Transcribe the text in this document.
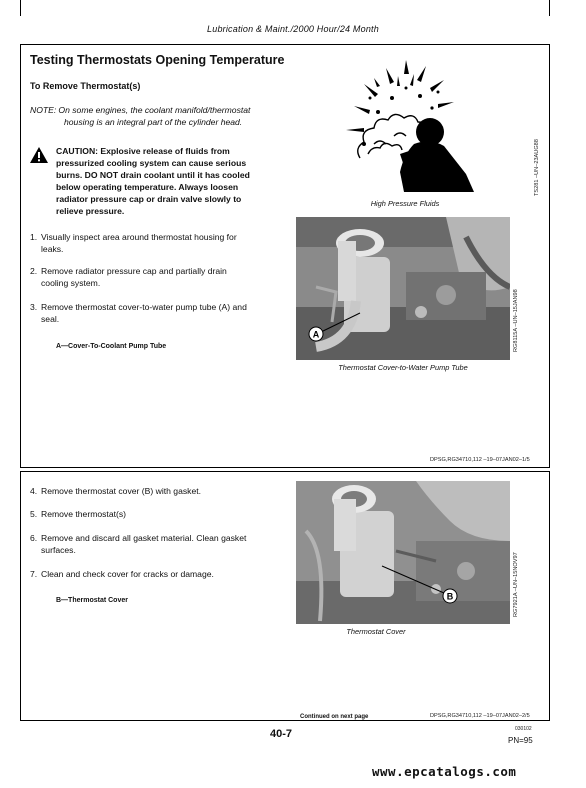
Lubrication & Maint./2000 Hour/24 Month
Testing Thermostats Opening Temperature
To Remove Thermostat(s)
NOTE: On some engines, the coolant manifold/thermostat
housing is an integral part of the cylinder head.
CAUTION: Explosive release of fluids from
pressurized cooling system can cause serious
burns. DO NOT drain coolant until it has cooled
below operating temperature. Always loosen
radiator pressure cap or drain valve slowly to
relieve pressure.
High Pressure Fluids
TS281 –UN–23AUG88
1. Visually inspect area around thermostat housing for
leaks.
2. Remove radiator pressure cap and partially drain
cooling system.
3. Remove thermostat cover-to-water pump tube (A) and
seal.
A—Cover-To-Coolant Pump Tube
A
Thermostat Cover-to-Water Pump Tube
RG8115A –UN–15JAN98
DPSG,RG34710,112 –19–07JAN02–1/5
4. Remove thermostat cover (B) with gasket.
5. Remove thermostat(s)
6. Remove and discard all gasket material. Clean gasket
surfaces.
7. Clean and check cover for cracks or damage.
B—Thermostat Cover	B
Thermostat Cover
RG7921A –UN–15NOV97
Continued on next page	DPSG,RG34710,112 –19–07JAN02–2/5
40-7	030102
PN=95
www.epcatalogs.com
